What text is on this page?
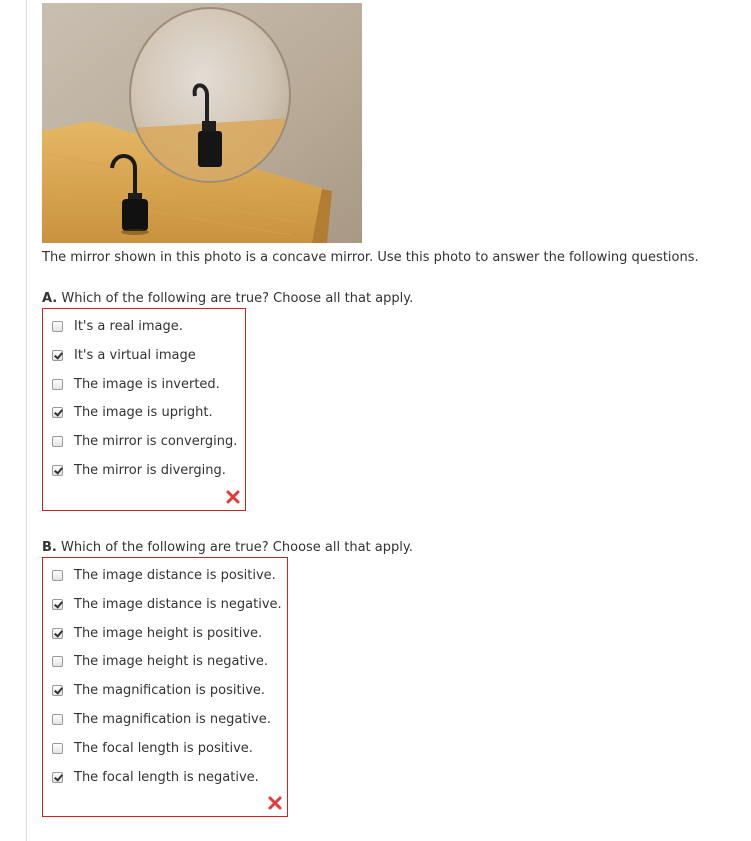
The mirror shown in this photo is a concave mirror. Use this photo to answer the following questions.
A. Which of the following are true? Choose all that apply.
It's a real image.
It's a virtual image
The image is inverted.
The image is upright.
The mirror is converging.
The mirror is diverging.
B. Which of the following are true? Choose all that apply.
The image distance is positive.
The image distance is negative.
The image height is positive.
The image height is negative.
The magnification is positive.
The magnification is negative.
The focal length is positive.
The focal length is negative.
